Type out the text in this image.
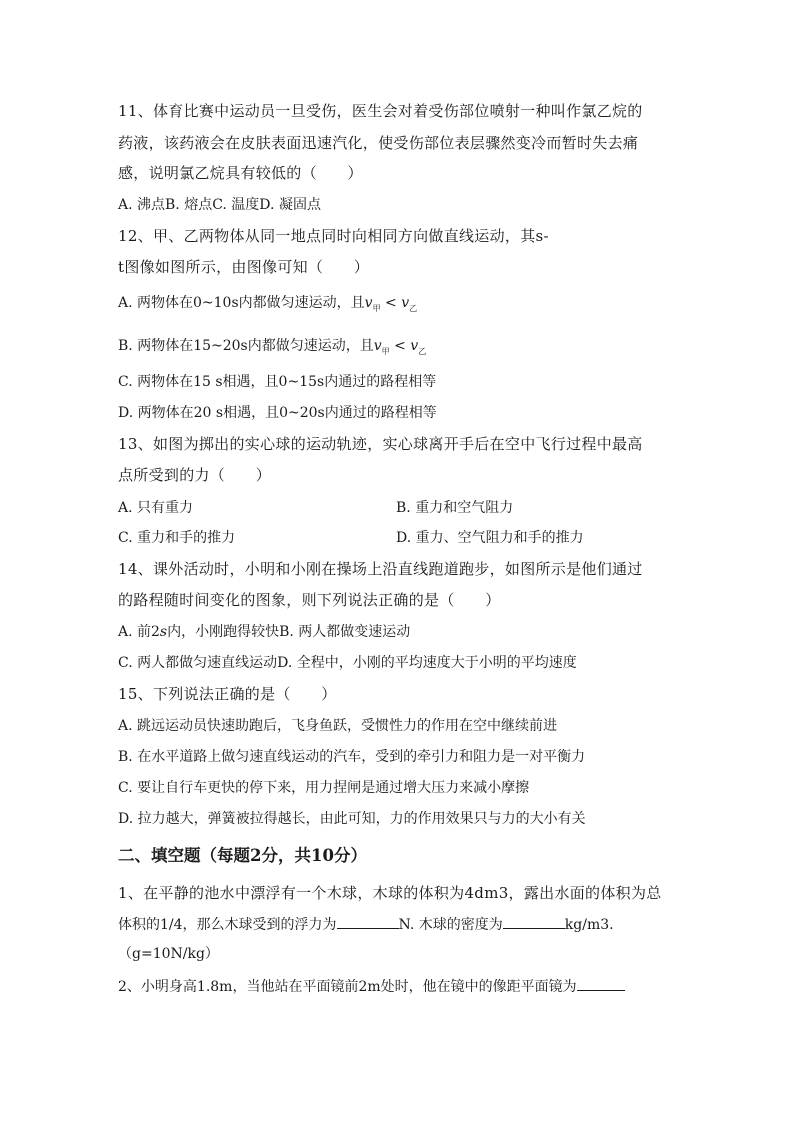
11、体育比赛中运动员一旦受伤，医生会对着受伤部位喷射一种叫作氯乙烷的
药液，该药液会在皮肤表面迅速汽化，使受伤部位表层骤然变冷而暂时失去痛
感，说明氯乙烷具有较低的（　　）
A. 沸点B. 熔点C. 温度D. 凝固点
12、甲、乙两物体从同一地点同时向相同方向做直线运动，其s-
t图像如图所示，由图像可知（　　）
A. 两物体在0~10s内都做匀速运动，且$v_甲 < v_乙$
B. 两物体在15~20s内都做匀速运动，且$v_甲 < v_乙$
C. 两物体在15 s相遇，且0~15s内通过的路程相等
D. 两物体在20 s相遇，且0~20s内通过的路程相等
13、如图为掷出的实心球的运动轨迹，实心球离开手后在空中飞行过程中最高
点所受到的力（　　）
A. 只有重力	B. 重力和空气阻力
C. 重力和手的推力	D. 重力、空气阻力和手的推力
14、课外活动时，小明和小刚在操场上沿直线跑道跑步，如图所示是他们通过
的路程随时间变化的图象，则下列说法正确的是（　　）
A. 前2s内，小刚跑得较快B. 两人都做变速运动
C. 两人都做匀速直线运动D. 全程中，小刚的平均速度大于小明的平均速度
15、下列说法正确的是（　　）
A. 跳远运动员快速助跑后，飞身鱼跃，受惯性力的作用在空中继续前进
B. 在水平道路上做匀速直线运动的汽车，受到的牵引力和阻力是一对平衡力
C. 要让自行车更快的停下来，用力捏闸是通过增大压力来减小摩擦
D. 拉力越大，弹簧被拉得越长，由此可知，力的作用效果只与力的大小有关
二、填空题（每题2分，共10分）
1、在平静的池水中漂浮有一个木球，木球的体积为4dm3，露出水面的体积为总
体积的1/4，那么木球受到的浮力为	N. 木球的密度为	kg/m3.
（g=10N/kg）
2、小明身高1.8m，当他站在平面镜前2m处时，他在镜中的像距平面镜为
